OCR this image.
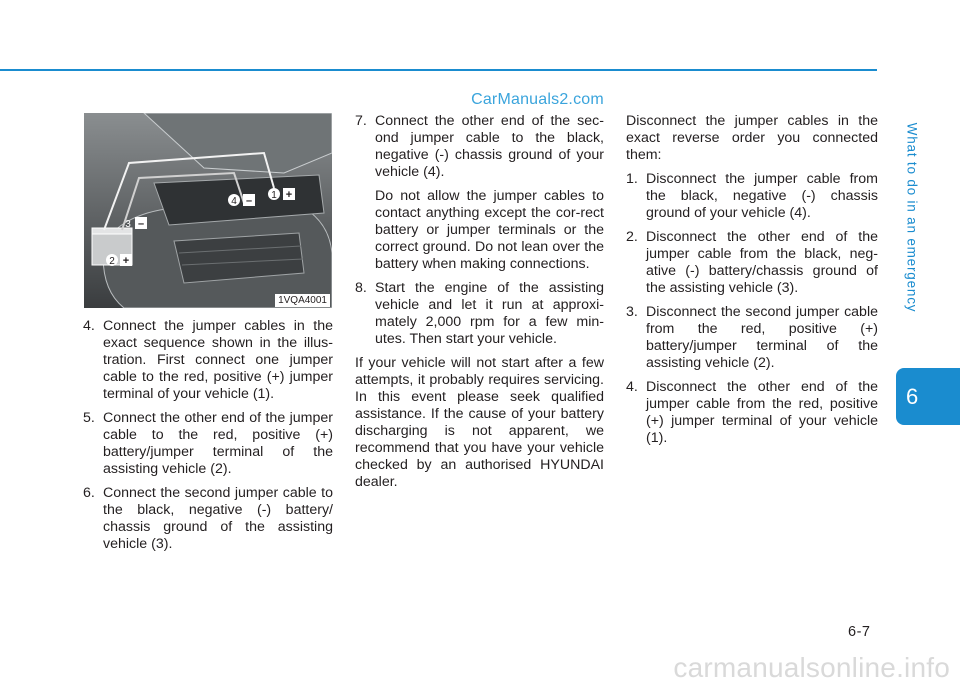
CarManuals2.com
What to do in an emergency
6
1 +
4 –
3 –
2 +
1VQA4001
4. Connect the jumper cables in the exact sequence shown in the illus-tration. First connect one jumper cable to the red, positive (+) jumper terminal of your vehicle (1).
5. Connect the other end of the jumper cable to the red, positive (+) battery/jumper terminal of the assisting vehicle (2).
6. Connect the second jumper cable to the black, negative (-) battery/ chassis ground of the assisting vehicle (3).
7. Connect the other end of the sec-ond jumper cable to the black, negative (-) chassis ground of your vehicle (4).
Do not allow the jumper cables to contact anything except the cor-rect battery or jumper terminals or the correct ground. Do not lean over the battery when making connections.
8. Start the engine of the assisting vehicle and let it run at approxi-mately 2,000 rpm for a few min-utes. Then start your vehicle.
If your vehicle will not start after a few attempts, it probably requires servicing. In this event please seek qualified assistance. If the cause of your battery discharging is not apparent, we recommend that you have your vehicle checked by an authorised HYUNDAI dealer.
Disconnect the jumper cables in the exact reverse order you connected them:
1. Disconnect the jumper cable from the black, negative (-) chassis ground of your vehicle (4).
2. Disconnect the other end of the jumper cable from the black, neg-ative (-) battery/chassis ground of the assisting vehicle (3).
3. Disconnect the second jumper cable from the red, positive (+) battery/jumper terminal of the assisting vehicle (2).
4. Disconnect the other end of the jumper cable from the red, positive (+) jumper terminal of your vehicle (1).
6-7
carmanualsonline.info
